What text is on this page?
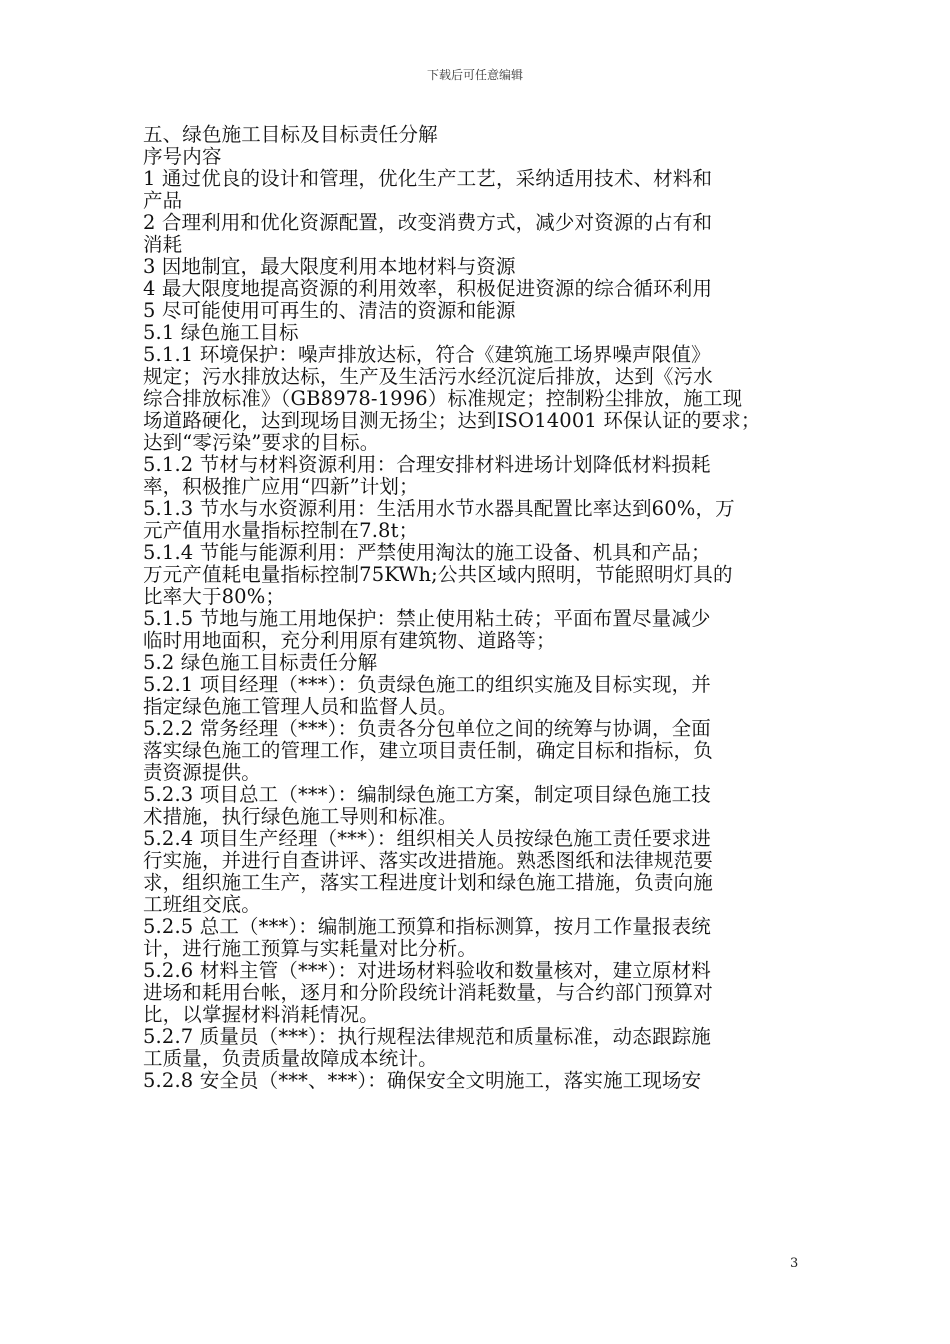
下载后可任意编辑
五、绿色施工目标及目标责任分解
序号内容
1 通过优良的设计和管理，优化生产工艺，采纳适用技术、材料和
产品
2 合理利用和优化资源配置，改变消费方式，减少对资源的占有和
消耗
3 因地制宜，最大限度利用本地材料与资源
4 最大限度地提高资源的利用效率，积极促进资源的综合循环利用
5 尽可能使用可再生的、清洁的资源和能源
5.1 绿色施工目标
5.1.1 环境保护：噪声排放达标，符合《建筑施工场界噪声限值》
规定；污水排放达标，生产及生活污水经沉淀后排放，达到《污水
综合排放标准》（GB8978-1996）标准规定；控制粉尘排放，施工现
场道路硬化，达到现场目测无扬尘；达到ISO14001 环保认证的要求；
达到“零污染”要求的目标。
5.1.2 节材与材料资源利用：合理安排材料进场计划降低材料损耗
率，积极推广应用“四新”计划；
5.1.3 节水与水资源利用：生活用水节水器具配置比率达到60%，万
元产值用水量指标控制在7.8t；
5.1.4 节能与能源利用：严禁使用淘汰的施工设备、机具和产品；
万元产值耗电量指标控制75KWh;公共区域内照明，节能照明灯具的
比率大于80%；
5.1.5 节地与施工用地保护：禁止使用粘土砖；平面布置尽量减少
临时用地面积，充分利用原有建筑物、道路等；
5.2 绿色施工目标责任分解
5.2.1 项目经理（***）：负责绿色施工的组织实施及目标实现，并
指定绿色施工管理人员和监督人员。
5.2.2 常务经理（***）：负责各分包单位之间的统筹与协调，全面
落实绿色施工的管理工作，建立项目责任制，确定目标和指标，负
责资源提供。
5.2.3 项目总工（***）：编制绿色施工方案，制定项目绿色施工技
术措施，执行绿色施工导则和标准。
5.2.4 项目生产经理（***）：组织相关人员按绿色施工责任要求进
行实施，并进行自查讲评、落实改进措施。熟悉图纸和法律规范要
求，组织施工生产，落实工程进度计划和绿色施工措施，负责向施
工班组交底。
5.2.5 总工（***）：编制施工预算和指标测算，按月工作量报表统
计，进行施工预算与实耗量对比分析。
5.2.6 材料主管（***）：对进场材料验收和数量核对，建立原材料
进场和耗用台帐，逐月和分阶段统计消耗数量，与合约部门预算对
比，以掌握材料消耗情况。
5.2.7 质量员（***）：执行规程法律规范和质量标准，动态跟踪施
工质量，负责质量故障成本统计。
5.2.8 安全员（***、***）：确保安全文明施工，落实施工现场安
3
